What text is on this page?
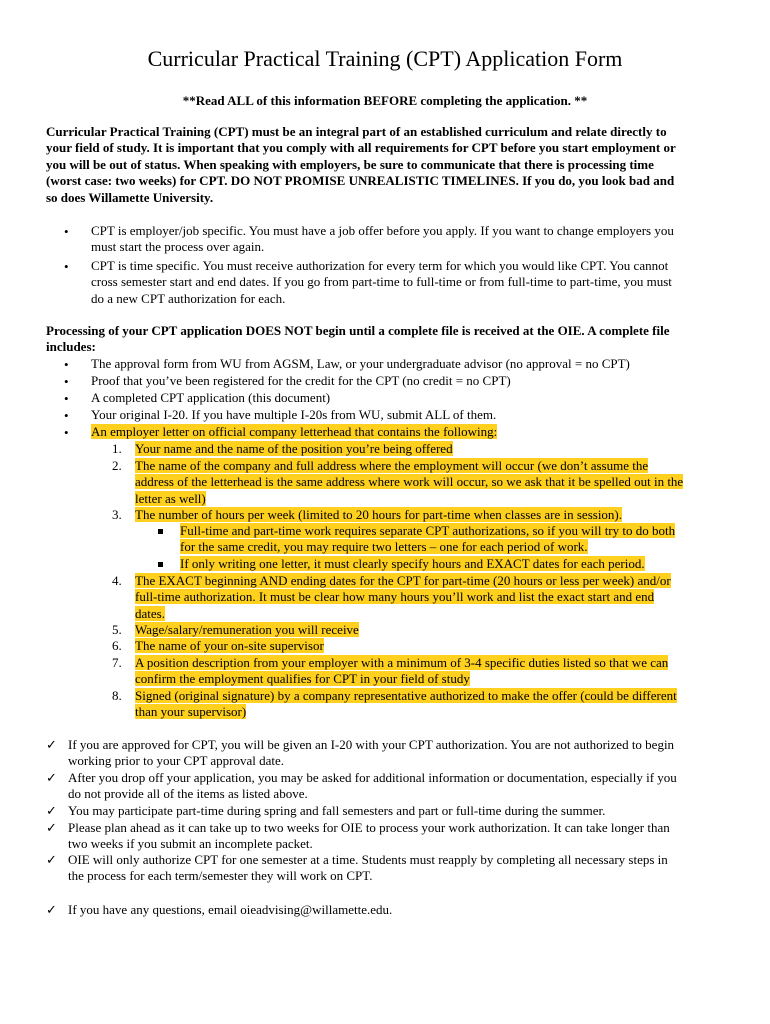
Curricular Practical Training (CPT) Application Form
**Read ALL of this information BEFORE completing the application. **
Curricular Practical Training (CPT) must be an integral part of an established curriculum and relate directly to
your field of study. It is important that you comply with all requirements for CPT before you start employment or
you will be out of status. When speaking with employers, be sure to communicate that there is processing time
(worst case: two weeks) for CPT. DO NOT PROMISE UNREALISTIC TIMELINES. If you do, you look bad and
so does Willamette University.
• CPT is employer/job specific. You must have a job offer before you apply. If you want to change employers you
must start the process over again.
• CPT is time specific. You must receive authorization for every term for which you would like CPT. You cannot
cross semester start and end dates. If you go from part-time to full-time or from full-time to part-time, you must
do a new CPT authorization for each.
Processing of your CPT application DOES NOT begin until a complete file is received at the OIE. A complete file
includes:
• The approval form from WU from AGSM, Law, or your undergraduate advisor (no approval = no CPT)
• Proof that you’ve been registered for the credit for the CPT (no credit = no CPT)
• A completed CPT application (this document)
• Your original I-20. If you have multiple I-20s from WU, submit ALL of them.
• An employer letter on official company letterhead that contains the following:
1. Your name and the name of the position you’re being offered
2. The name of the company and full address where the employment will occur (we don’t assume the
address of the letterhead is the same address where work will occur, so we ask that it be spelled out in the
letter as well)
3. The number of hours per week (limited to 20 hours for part-time when classes are in session).
Full-time and part-time work requires separate CPT authorizations, so if you will try to do both
for the same credit, you may require two letters – one for each period of work.
If only writing one letter, it must clearly specify hours and EXACT dates for each period.
4. The EXACT beginning AND ending dates for the CPT for part-time (20 hours or less per week) and/or
full-time authorization. It must be clear how many hours you’ll work and list the exact start and end
dates.
5. Wage/salary/remuneration you will receive
6. The name of your on-site supervisor
7. A position description from your employer with a minimum of 3-4 specific duties listed so that we can
confirm the employment qualifies for CPT in your field of study
8. Signed (original signature) by a company representative authorized to make the offer (could be different
than your supervisor)
✓ If you are approved for CPT, you will be given an I-20 with your CPT authorization. You are not authorized to begin
working prior to your CPT approval date.
✓ After you drop off your application, you may be asked for additional information or documentation, especially if you
do not provide all of the items as listed above.
✓ You may participate part-time during spring and fall semesters and part or full-time during the summer.
✓ Please plan ahead as it can take up to two weeks for OIE to process your work authorization. It can take longer than
two weeks if you submit an incomplete packet.
✓ OIE will only authorize CPT for one semester at a time. Students must reapply by completing all necessary steps in
the process for each term/semester they will work on CPT.
✓ If you have any questions, email oieadvising@willamette.edu.
